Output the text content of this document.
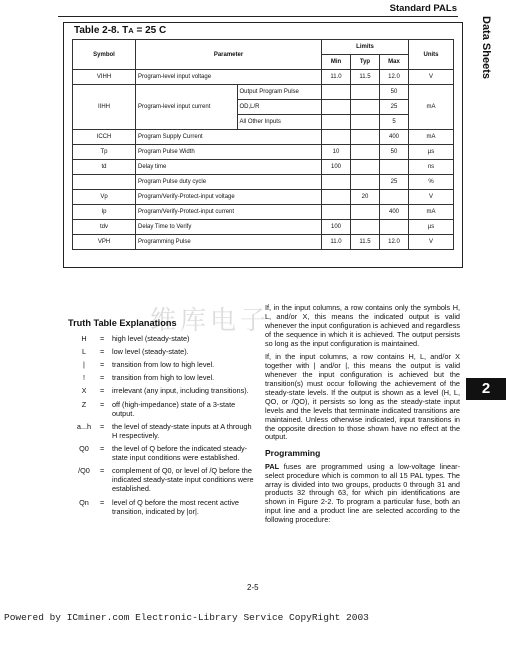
Standard PALs
Data Sheets
2
Table 2-8. TA = 25 C
Symbol	Parameter		Limits			Units
			Min	Typ	Max	
VIHH	Program-level input voltage		11.0	11.5	12.0	V
IIHH	Program-level input current	Output Program Pulse			50	mA
		OD,L/R			25	
		All Other Inputs			5	
ICCH	Program Supply Current				400	mA
Tp	Program Pulse Width		10		50	µs
td	Delay time		100			ns
	Program Pulse duty cycle				25	%
Vp	Program/Verify-Protect-input voltage			20		V
Ip	Program/Verify-Protect-input current				400	mA
tdv	Delay Time to Verify		100			µs
VPH	Programming Pulse		11.0	11.5	12.0	V
维库电子
Truth Table Explanations
H	=	high level (steady-state)
L	=	low level (steady-state).
|	=	transition from low to high level.
!	=	transition from high to low level.
X	=	irrelevant (any input, including transitions).
Z	=	off (high-impedance) state of a 3-state output.
a...h	=	the level of steady-state inputs at A through H respectively.
Q0	=	the level of Q before the indicated steady-state input conditions were established.
/Q0	=	complement of Q0, or level of /Q before the indicated steady-state input conditions were established.
Qn	=	level of Q before the most recent active transition, indicated by |or|.

If, in the input columns, a row contains only the symbols H, L, and/or X, this means the indicated output is valid whenever the input configuration is achieved and regardless of the sequence in which it is achieved. The output persists so long as the input configuration is maintained.

If, in the input columns, a row contains H, L, and/or X together with | and/or |, this means the output is valid whenever the input configuration is achieved but the transition(s) must occur following the achievement of the steady-state levels. If the output is shown as a level (H, L, QO, or /QO), it persists so long as the steady-state input levels and the levels that terminate indicated transitions are maintained. Unless otherwise indicated, input transitions in the opposite direction to those shown have no effect at the output.

Programming

PAL fuses are programmed using a low-voltage linear-select procedure which is common to all 15 PAL types. The array is divided into two groups, products 0 through 31 and products 32 through 63, for which pin identifications are shown in Figure 2-2. To program a particular fuse, both an input line and a product line are selected according to the following procedure:

2-5
Powered by ICminer.com Electronic-Library Service CopyRight 2003
